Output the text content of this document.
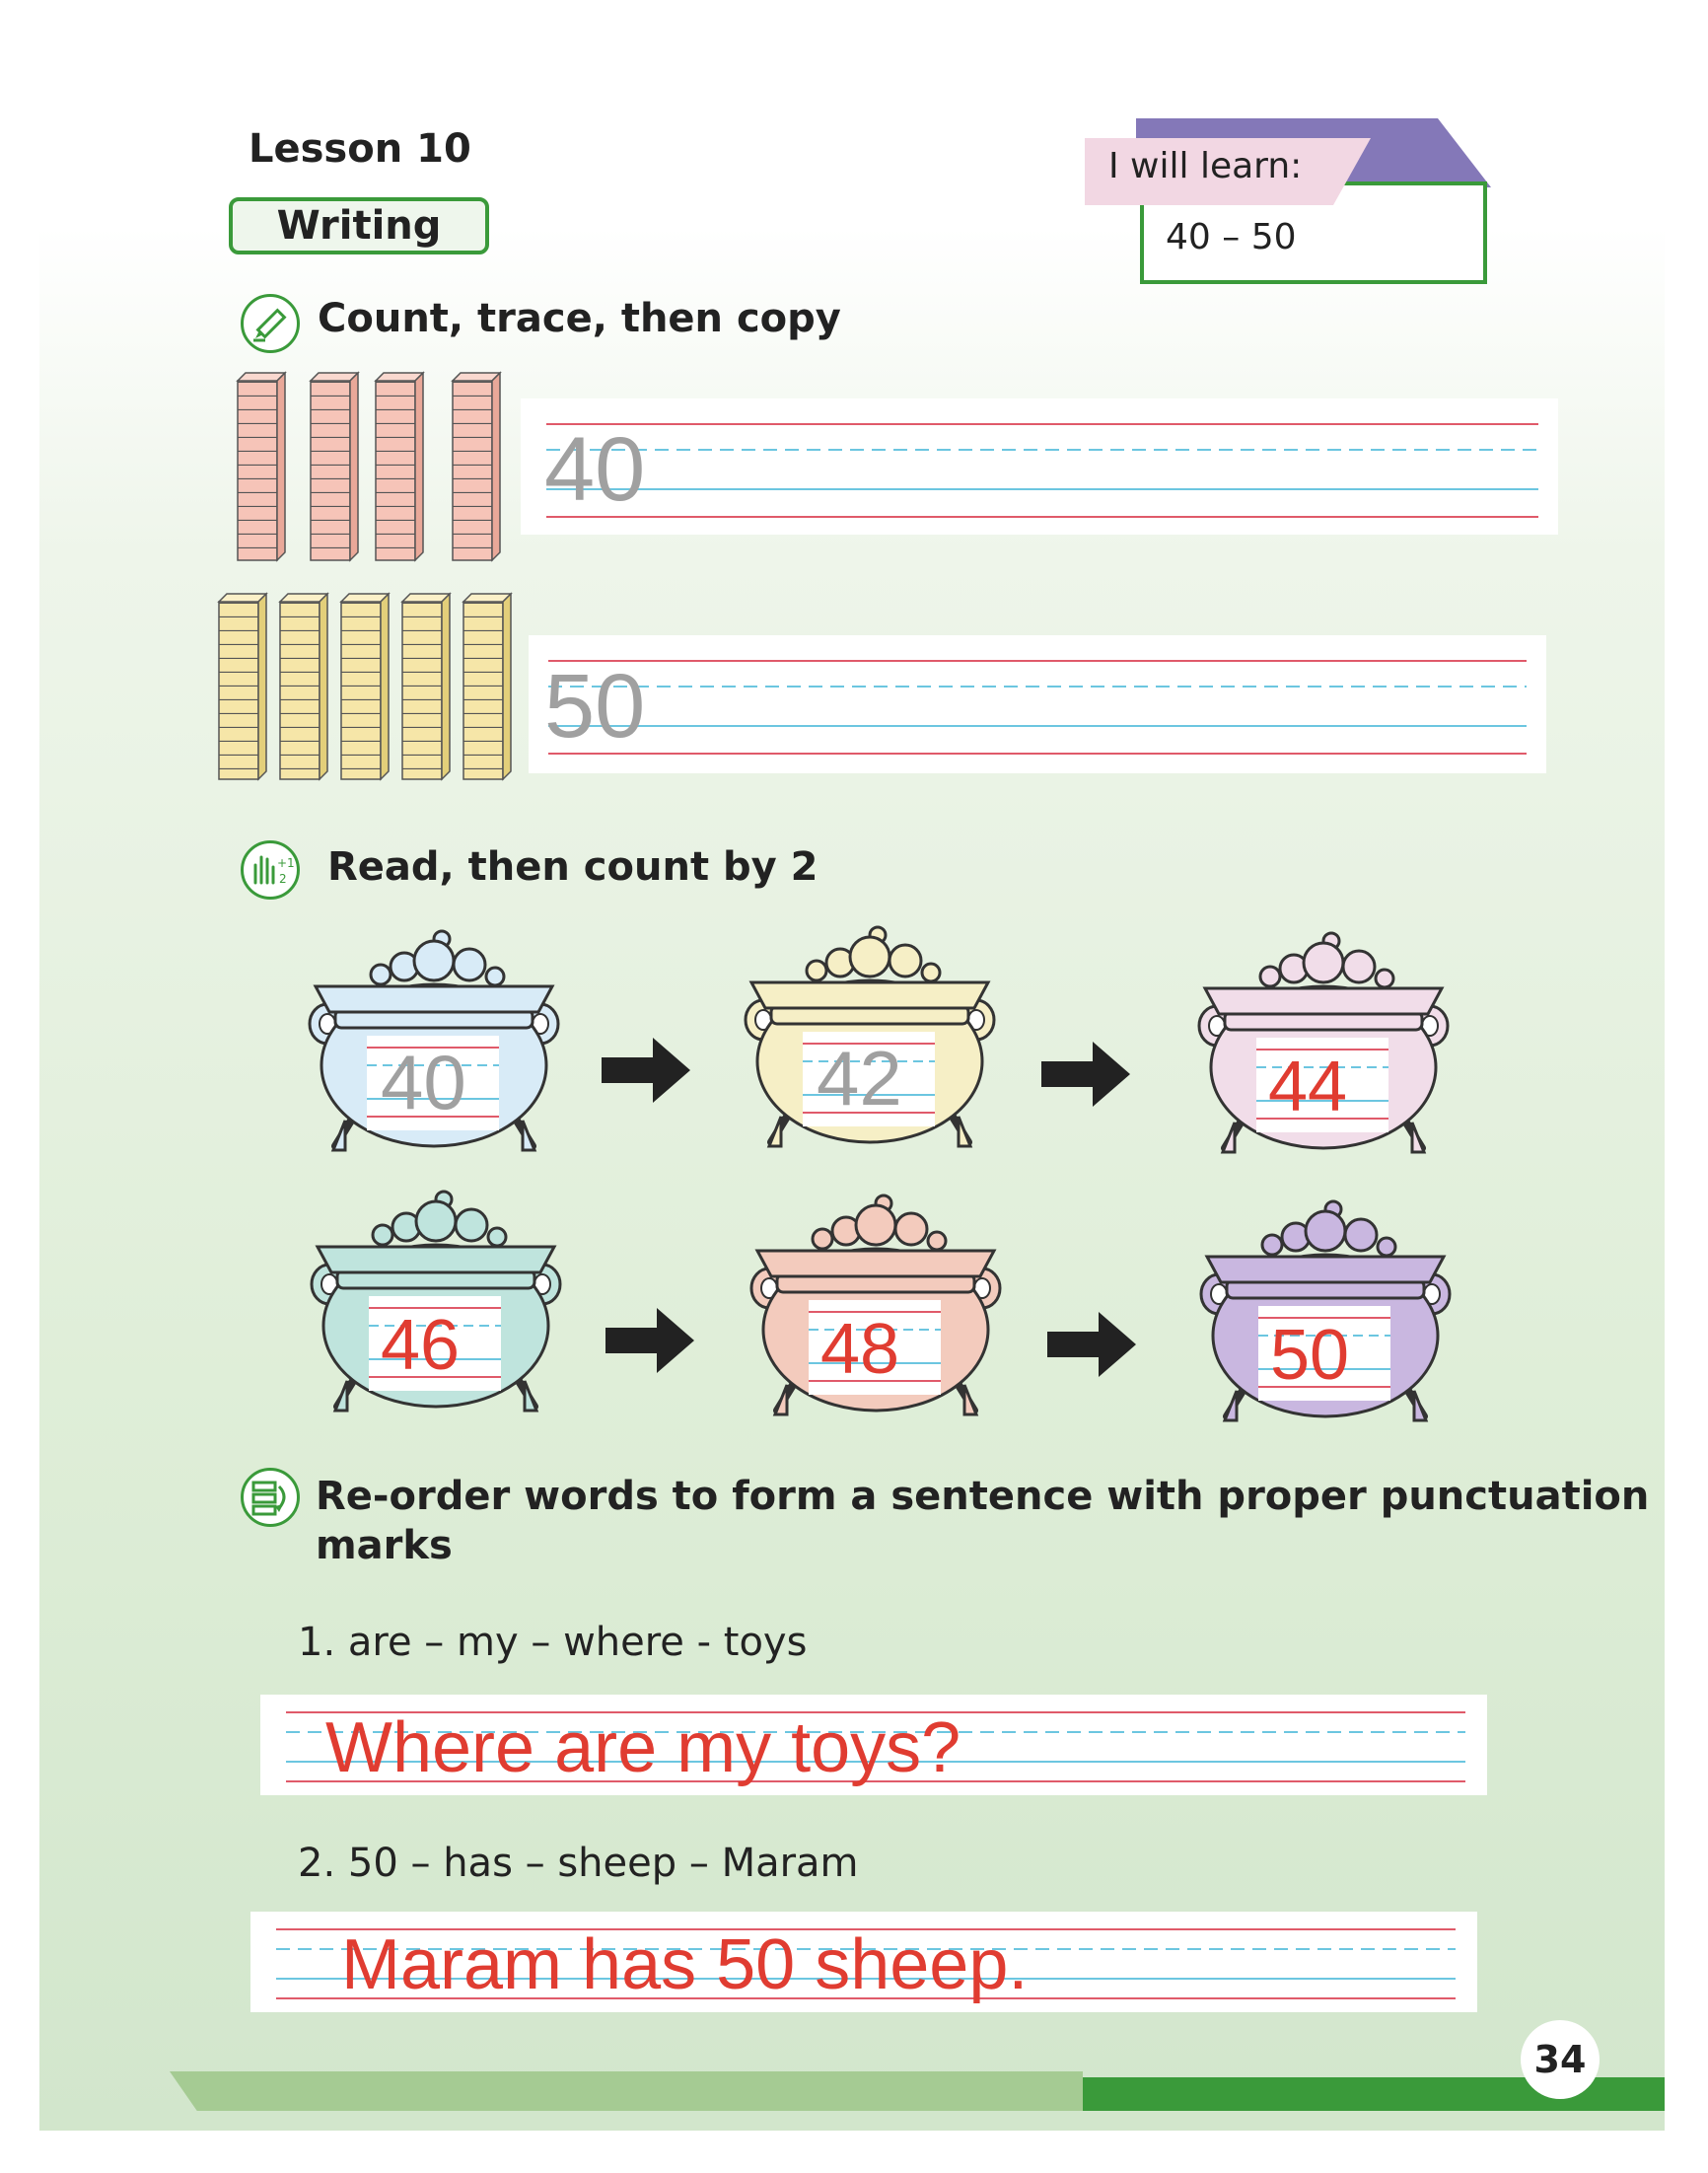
Lesson 10
Writing
I will learn:
40 – 50
Count, trace, then copy
40
50
+1
2 Read, then count by 2
40	42	44
46	48	50
Re-order words to form a sentence with proper punctuation
marks
1. are – my – where - toys
Where are my toys?
2. 50 – has – sheep – Maram
Maram has 50 sheep.
34
